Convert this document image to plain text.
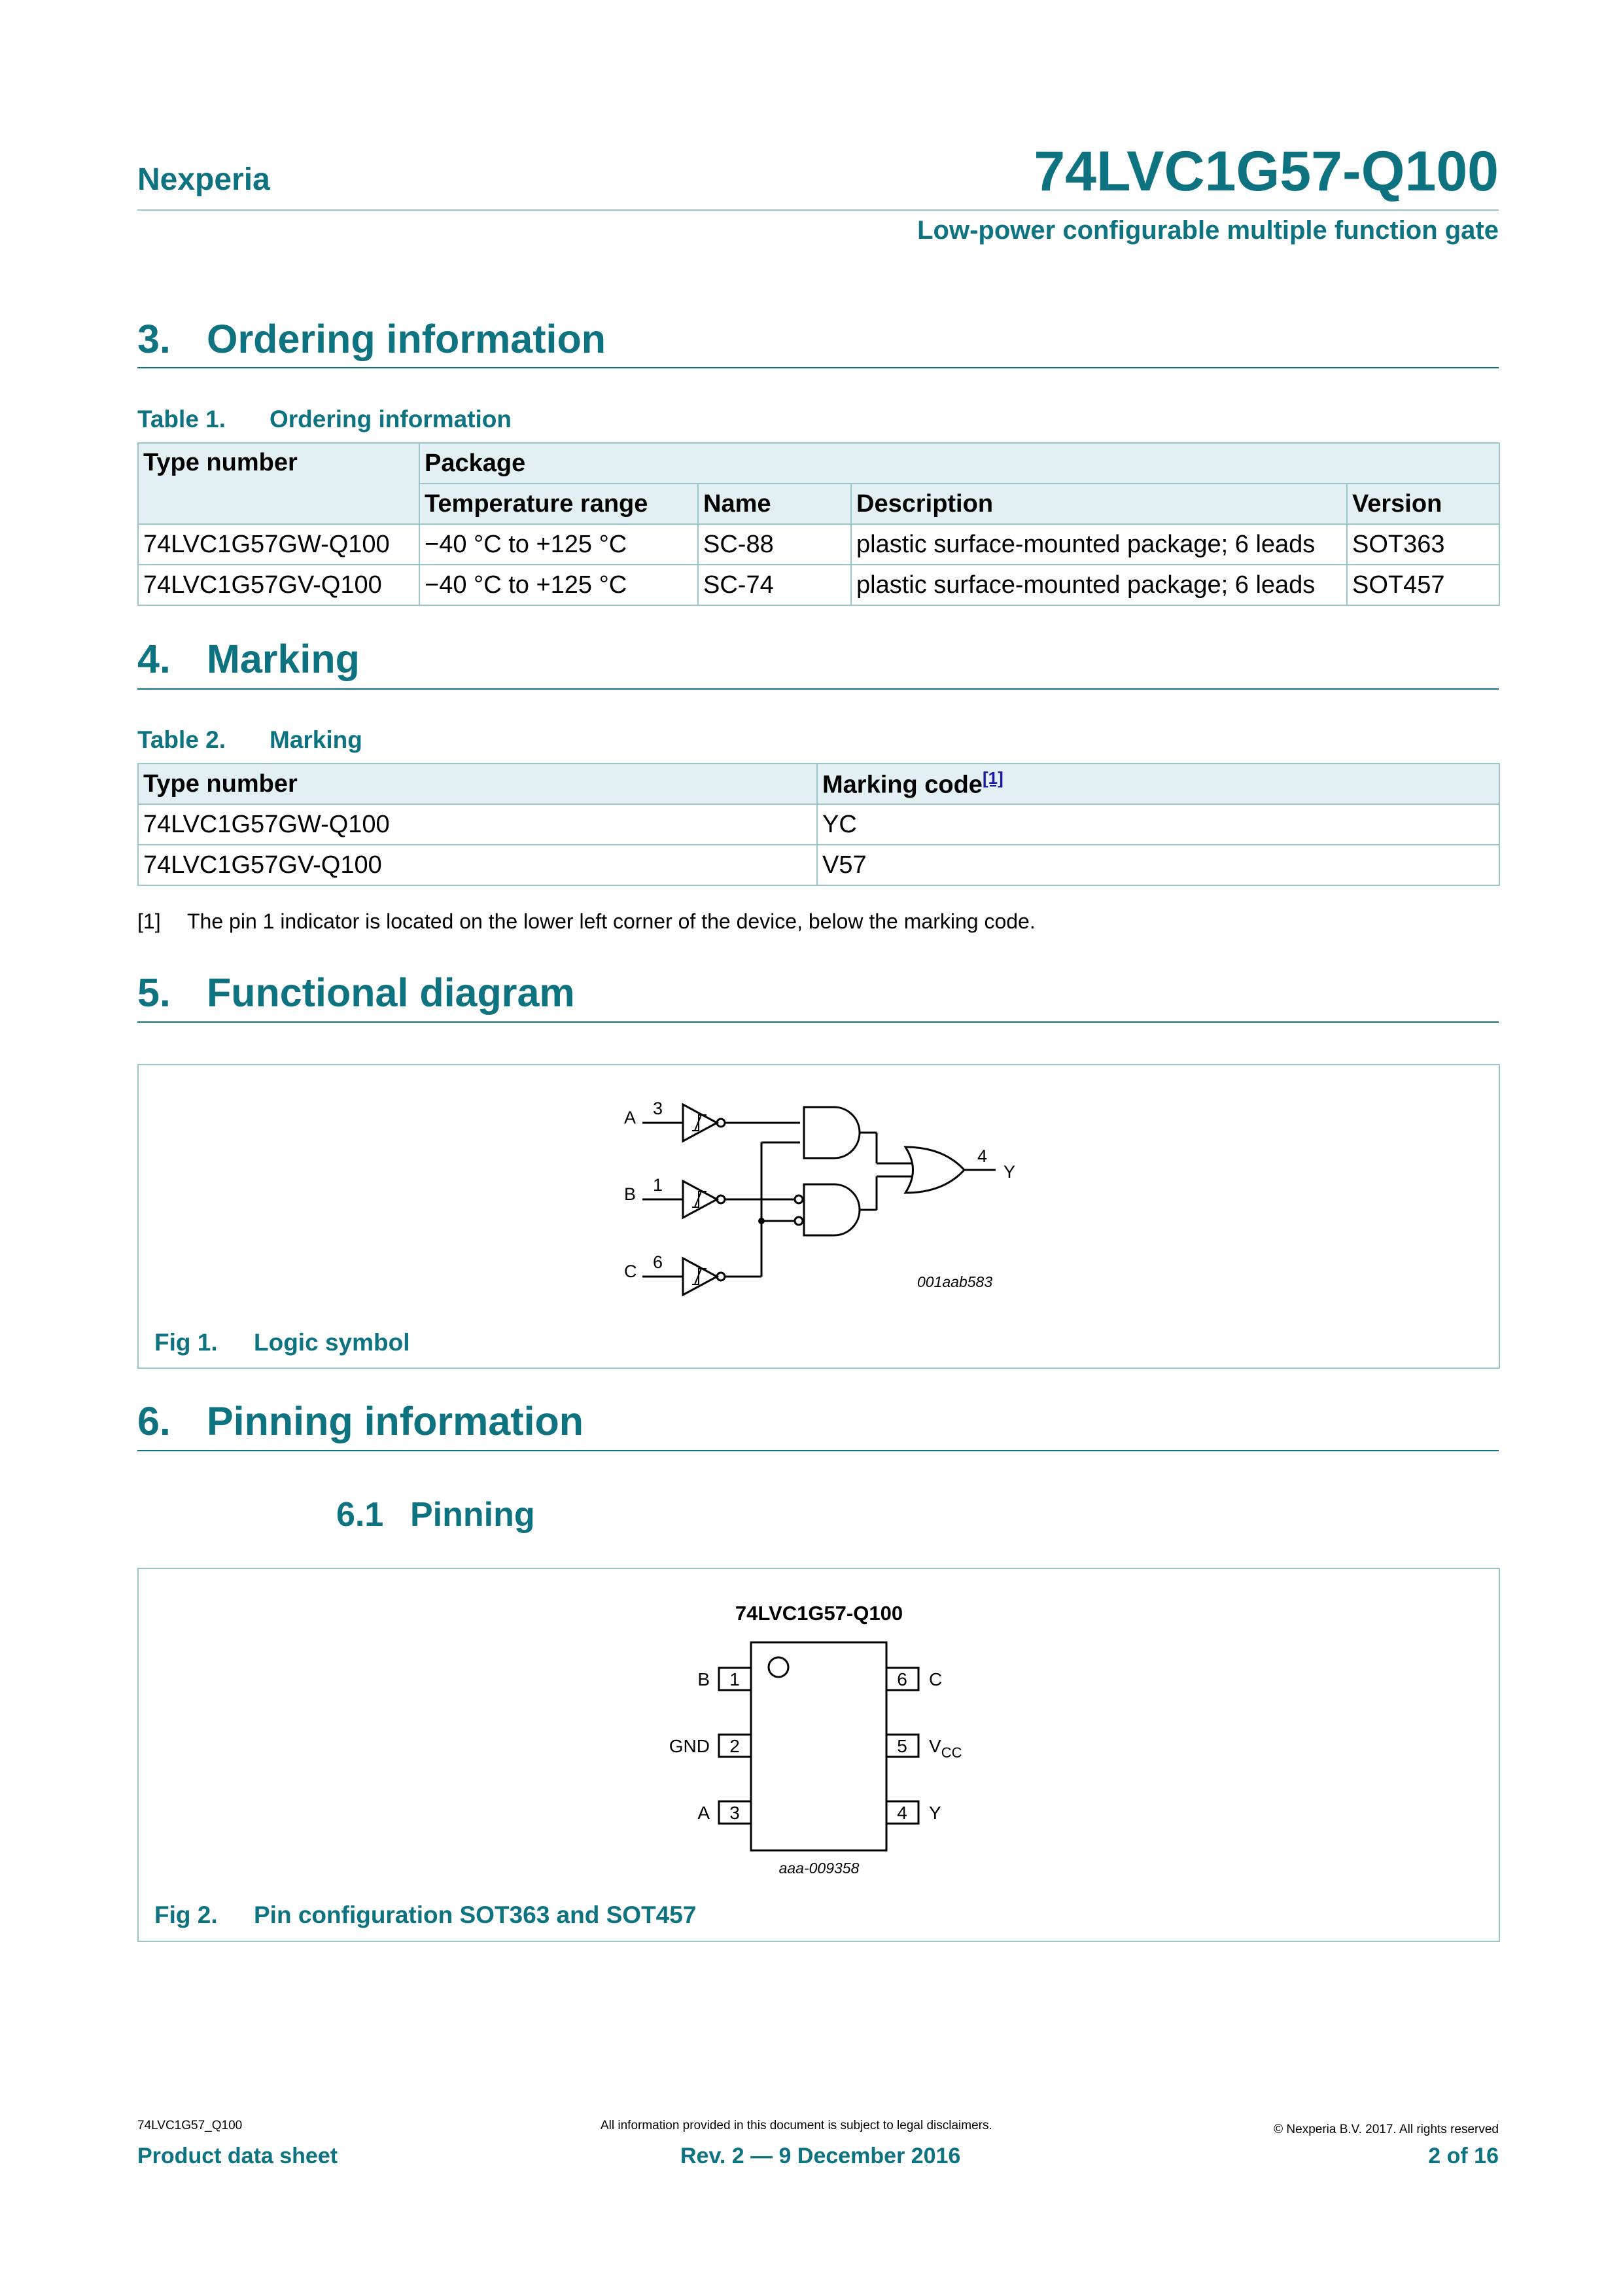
Nexperia	74LVC1G57-Q100
Low-power configurable multiple function gate
3. Ordering information
Table 1. Ordering information
Type number	Package			
	Temperature range	Name	Description	Version
74LVC1G57GW-Q100	−40 °C to +125 °C	SC-88	plastic surface-mounted package; 6 leads	SOT363
74LVC1G57GV-Q100	−40 °C to +125 °C	SC-74	plastic surface-mounted package; 6 leads	SOT457
4. Marking
Table 2. Marking
Type number	Marking code[1]
74LVC1G57GW-Q100	YC
74LVC1G57GV-Q100	V57
[1] The pin 1 indicator is located on the lower left corner of the device, below the marking code.
5. Functional diagram
A 3
B 1
C 6
4
Y
001aab583
Fig 1. Logic symbol
6. Pinning information
6.1 Pinning
74LVC1G57-Q100
1
2
3
6
5
4
B
GND
A
C
$V_{CC}$
Y
aaa-009358
Fig 2. Pin configuration SOT363 and SOT457
74LVC1G57_Q100	All information provided in this document is subject to legal disclaimers.	© Nexperia B.V. 2017. All rights reserved
Product data sheet	Rev. 2 — 9 December 2016	2 of 16
